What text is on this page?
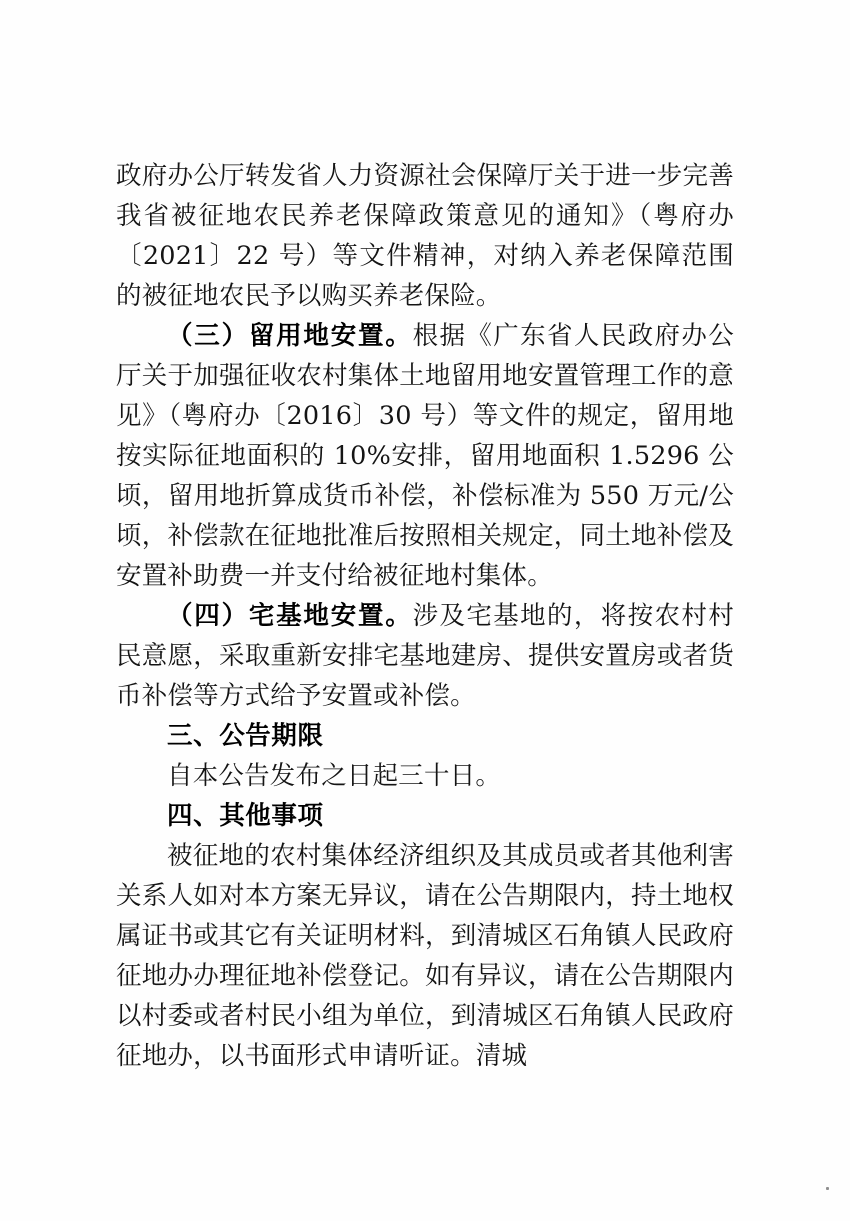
政府办公厅转发省人力资源社会保障厅关于进一步完善我省被征地农民养老保障政策意见的通知》（粤府办〔2021〕22 号）等文件精神，对纳入养老保障范围的被征地农民予以购买养老保险。

（三）留用地安置。根据《广东省人民政府办公厅关于加强征收农村集体土地留用地安置管理工作的意见》（粤府办〔2016〕30 号）等文件的规定，留用地按实际征地面积的 10%安排，留用地面积 1.5296 公顷，留用地折算成货币补偿，补偿标准为 550 万元/公顷，补偿款在征地批准后按照相关规定，同土地补偿及安置补助费一并支付给被征地村集体。

（四）宅基地安置。涉及宅基地的，将按农村村民意愿，采取重新安排宅基地建房、提供安置房或者货币补偿等方式给予安置或补偿。

三、公告期限

自本公告发布之日起三十日。

四、其他事项

被征地的农村集体经济组织及其成员或者其他利害关系人如对本方案无异议，请在公告期限内，持土地权属证书或其它有关证明材料，到清城区石角镇人民政府征地办办理征地补偿登记。如有异议，请在公告期限内以村委或者村民小组为单位，到清城区石角镇人民政府征地办，以书面形式申请听证。清城
